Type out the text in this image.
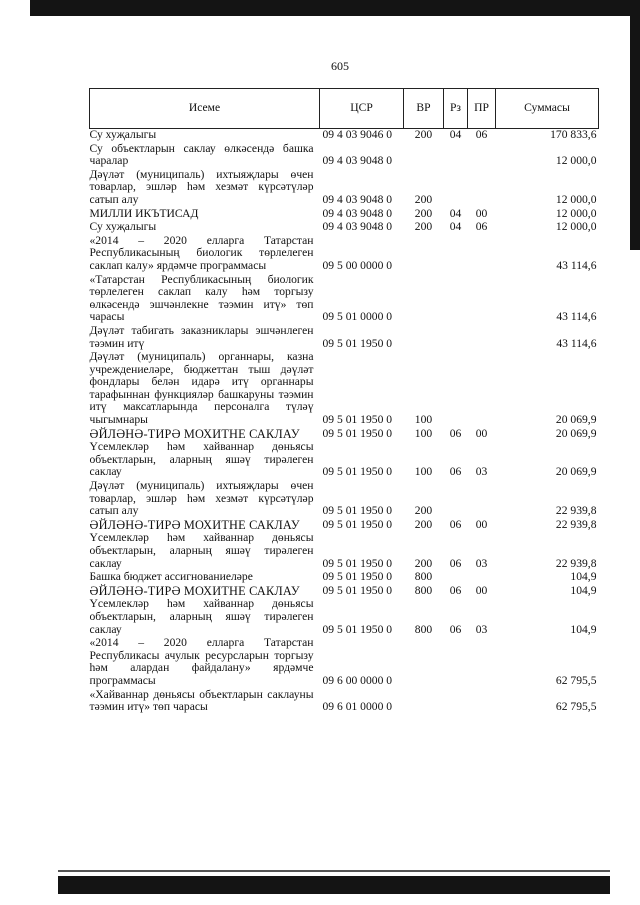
605
Исеме	ЦСР	ВР	Рз	ПР	Суммасы
Су хуҗалыгы	09 4 03 9046 0	200	04	06	170 833,6
Су объектларын саклау өлкәсендә башка чаралар	09 4 03 9048 0				12 000,0
Дәүләт (муниципаль) ихтыяҗлары өчен товарлар, эшләр һәм хезмәт күрсәтүләр сатып алу	09 4 03 9048 0	200			12 000,0
МИЛЛИ ИКЪТИСАД	09 4 03 9048 0	200	04	00	12 000,0
Су хуҗалыгы	09 4 03 9048 0	200	04	06	12 000,0
«2014 – 2020 елларга Татарстан Республикасының биологик төрлелеген саклап калу» ярдәмче программасы	09 5 00 0000 0				43 114,6
«Татарстан Республикасының биологик төрлелеген саклап калу һәм торгызу өлкәсендә эшчәнлекне тәэмин итү» төп чарасы	09 5 01 0000 0				43 114,6
Дәүләт табигать заказниклары эшчәнлеген тәэмин итү	09 5 01 1950 0				43 114,6
Дәүләт (муниципаль) органнары, казна учреждениеләре, бюджеттан тыш дәүләт фондлары белән идарә итү органнары тарафыннан функцияләр башкаруны тәэмин итү максатларында персоналга түләү чыгымнары	09 5 01 1950 0	100			20 069,9
ӘЙЛӘНӘ-ТИРӘ МОХИТНЕ САКЛАУ	09 5 01 1950 0	100	06	00	20 069,9
Үсемлекләр һәм хайваннар дөньясы объектларын, аларның яшәү тирәлеген саклау	09 5 01 1950 0	100	06	03	20 069,9
Дәүләт (муниципаль) ихтыяҗлары өчен товарлар, эшләр һәм хезмәт күрсәтүләр сатып алу	09 5 01 1950 0	200			22 939,8
ӘЙЛӘНӘ-ТИРӘ МОХИТНЕ САКЛАУ	09 5 01 1950 0	200	06	00	22 939,8
Үсемлекләр һәм хайваннар дөньясы объектларын, аларның яшәү тирәлеген саклау	09 5 01 1950 0	200	06	03	22 939,8
Башка бюджет ассигнованиеләре	09 5 01 1950 0	800			104,9
ӘЙЛӘНӘ-ТИРӘ МОХИТНЕ САКЛАУ	09 5 01 1950 0	800	06	00	104,9
Үсемлекләр һәм хайваннар дөньясы объектларын, аларның яшәү тирәлеген саклау	09 5 01 1950 0	800	06	03	104,9
«2014 – 2020 елларга Татарстан Республикасы ачулык ресурсларын торгызу һәм алардан файдалану» ярдәмче программасы	09 6 00 0000 0				62 795,5
«Хайваннар дөньясы объектларын саклауны тәэмин итү» төп чарасы	09 6 01 0000 0				62 795,5
